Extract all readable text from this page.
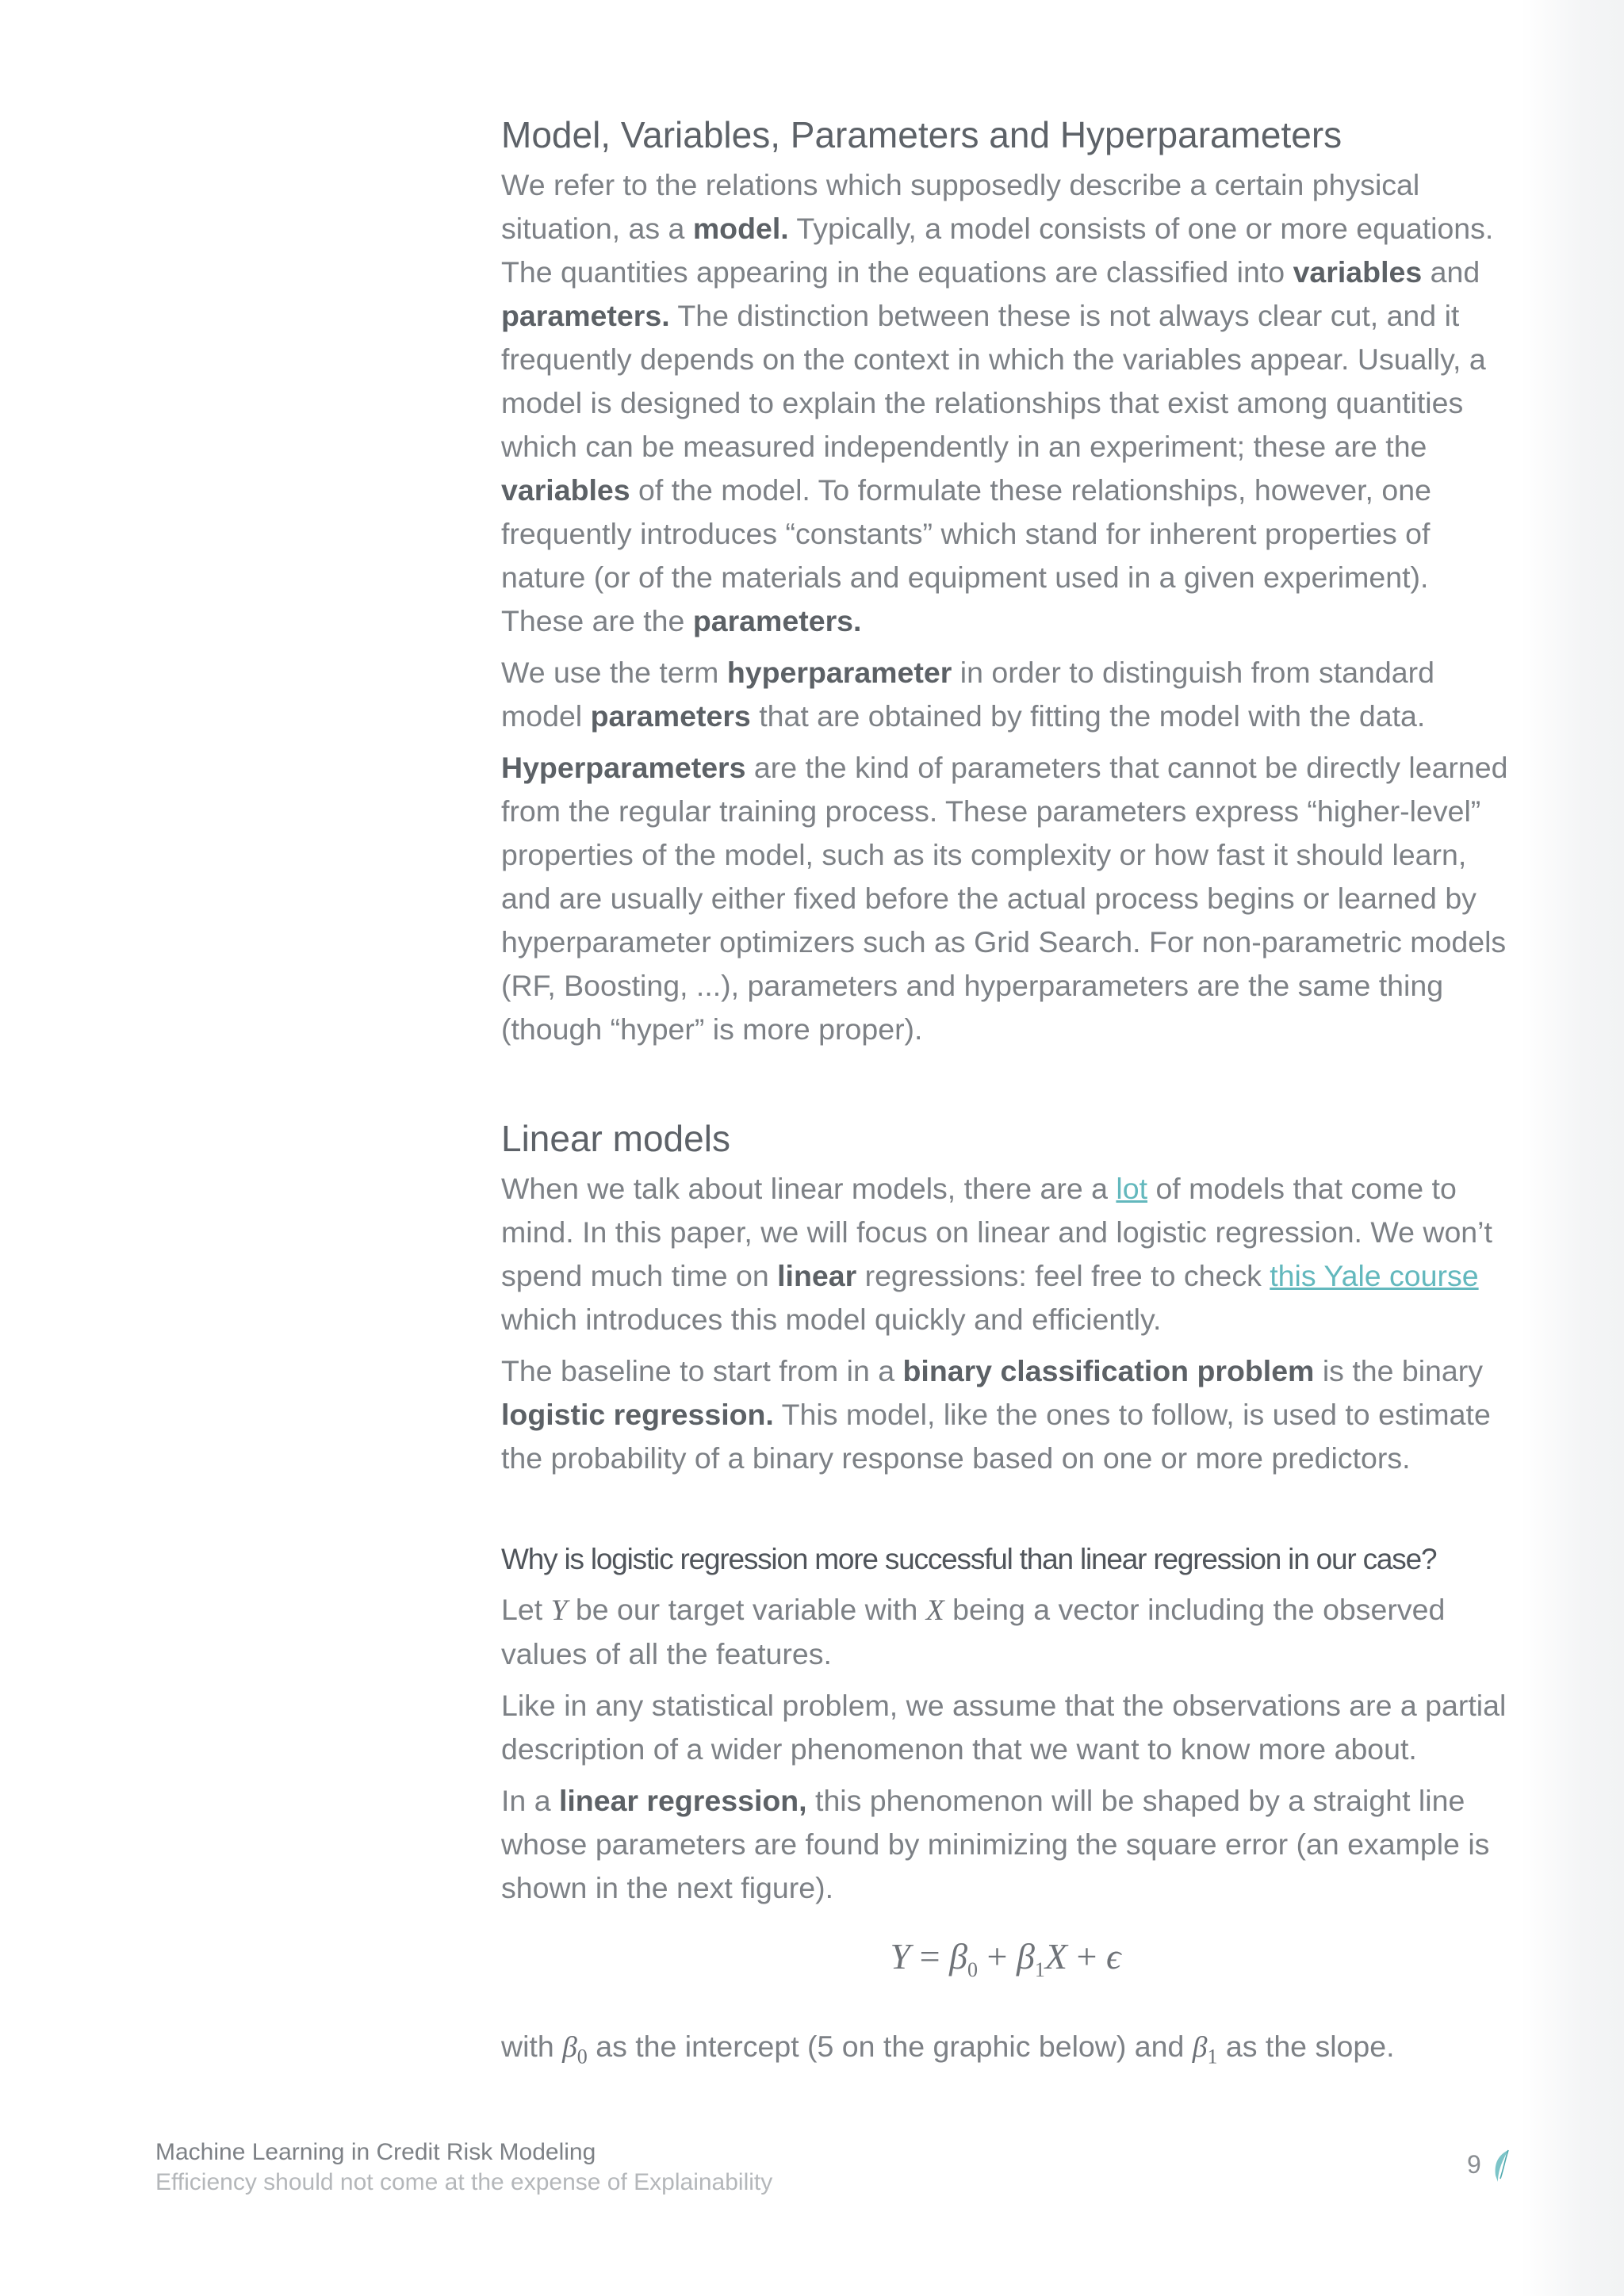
Model, Variables, Parameters and Hyperparameters

We refer to the relations which supposedly describe a certain physical situation, as a model. Typically, a model consists of one or more equations. The quantities appearing in the equations are classified into variables and parameters. The distinction between these is not always clear cut, and it frequently depends on the context in which the variables appear. Usually, a model is designed to explain the relationships that exist among quantities which can be measured independently in an experiment; these are the variables of the model. To formulate these relationships, however, one frequently introduces “constants” which stand for inherent properties of nature (or of the materials and equipment used in a given experiment). These are the parameters.

We use the term hyperparameter in order to distinguish from standard model parameters that are obtained by fitting the model with the data.

Hyperparameters are the kind of parameters that cannot be directly learned from the regular training process. These parameters express “higher-level” properties of the model, such as its complexity or how fast it should learn, and are usually either fixed before the actual process begins or learned by hyperparameter optimizers such as Grid Search. For non-parametric models (RF, Boosting, ...), parameters and hyperparameters are the same thing (though “hyper” is more proper).

Linear models

When we talk about linear models, there are a lot of models that come to mind. In this paper, we will focus on linear and logistic regression. We won’t spend much time on linear regressions: feel free to check this Yale course which introduces this model quickly and efficiently.

The baseline to start from in a binary classification problem is the binary logistic regression. This model, like the ones to follow, is used to estimate the probability of a binary response based on one or more predictors.

Why is logistic regression more successful than linear regression in our case?

Let Y be our target variable with X being a vector including the observed values of all the features.

Like in any statistical problem, we assume that the observations are a partial description of a wider phenomenon that we want to know more about.

In a linear regression, this phenomenon will be shaped by a straight line whose parameters are found by minimizing the square error (an example is shown in the next figure).

$Y = \beta_0 + \beta_1X + \epsilon$

with $\beta_0$ as the intercept (5 on the graphic below) and $\beta_1$ as the slope.

Machine Learning in Credit Risk Modeling
Efficiency should not come at the expense of Explainability
9
